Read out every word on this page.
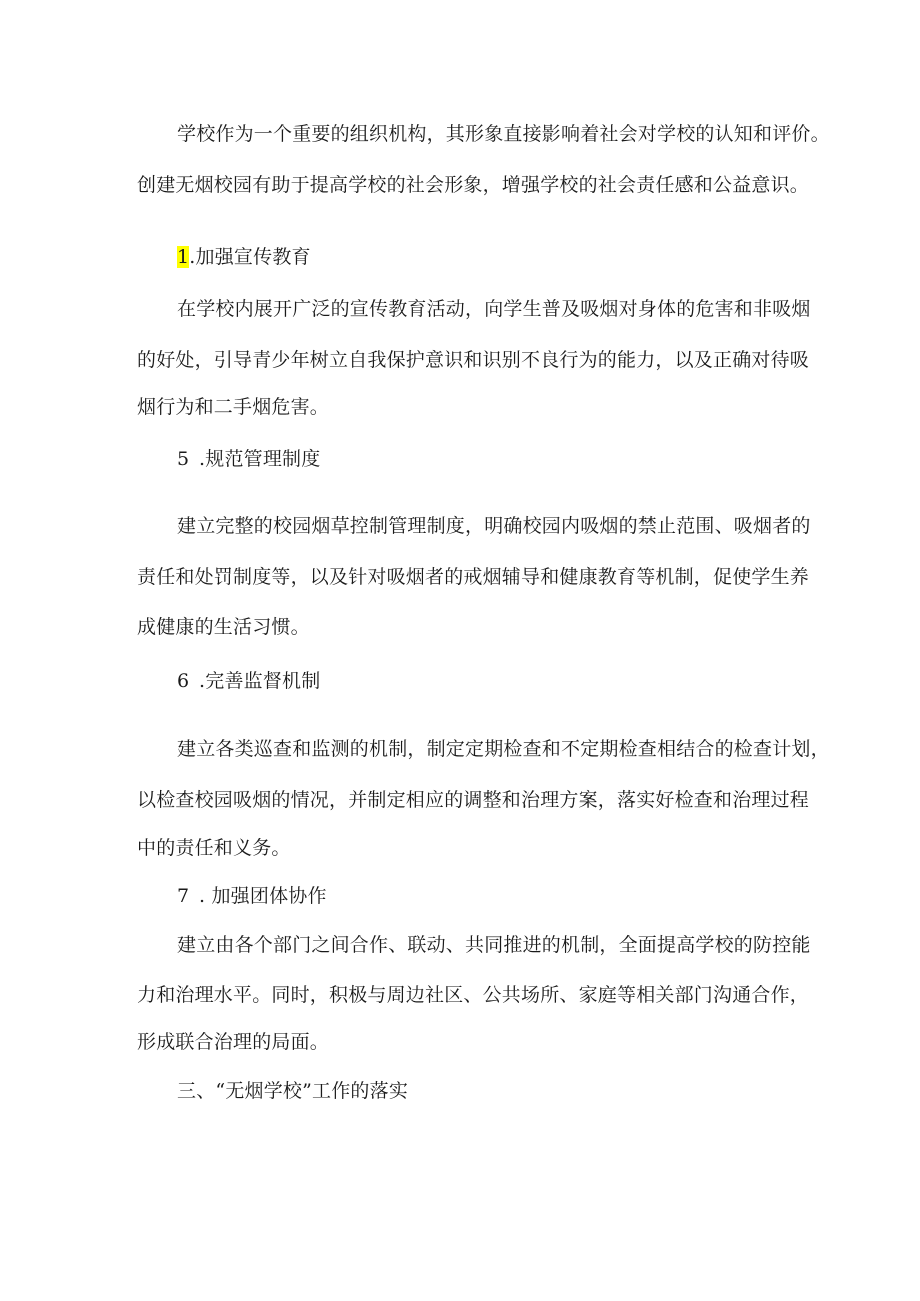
学校作为一个重要的组织机构，其形象直接影响着社会对学校的认知和评价。
创建无烟校园有助于提高学校的社会形象，增强学校的社会责任感和公益意识。
1.加强宣传教育
在学校内展开广泛的宣传教育活动，向学生普及吸烟对身体的危害和非吸烟
的好处，引导青少年树立自我保护意识和识别不良行为的能力，以及正确对待吸
烟行为和二手烟危害。
5 .规范管理制度
建立完整的校园烟草控制管理制度，明确校园内吸烟的禁止范围、吸烟者的
责任和处罚制度等，以及针对吸烟者的戒烟辅导和健康教育等机制，促使学生养
成健康的生活习惯。
6 .完善监督机制
建立各类巡查和监测的机制，制定定期检查和不定期检查相结合的检查计划，
以检查校园吸烟的情况，并制定相应的调整和治理方案，落实好检查和治理过程
中的责任和义务。
7 . 加强团体协作
建立由各个部门之间合作、联动、共同推进的机制，全面提高学校的防控能
力和治理水平。同时，积极与周边社区、公共场所、家庭等相关部门沟通合作，
形成联合治理的局面。
三、“无烟学校”工作的落实
